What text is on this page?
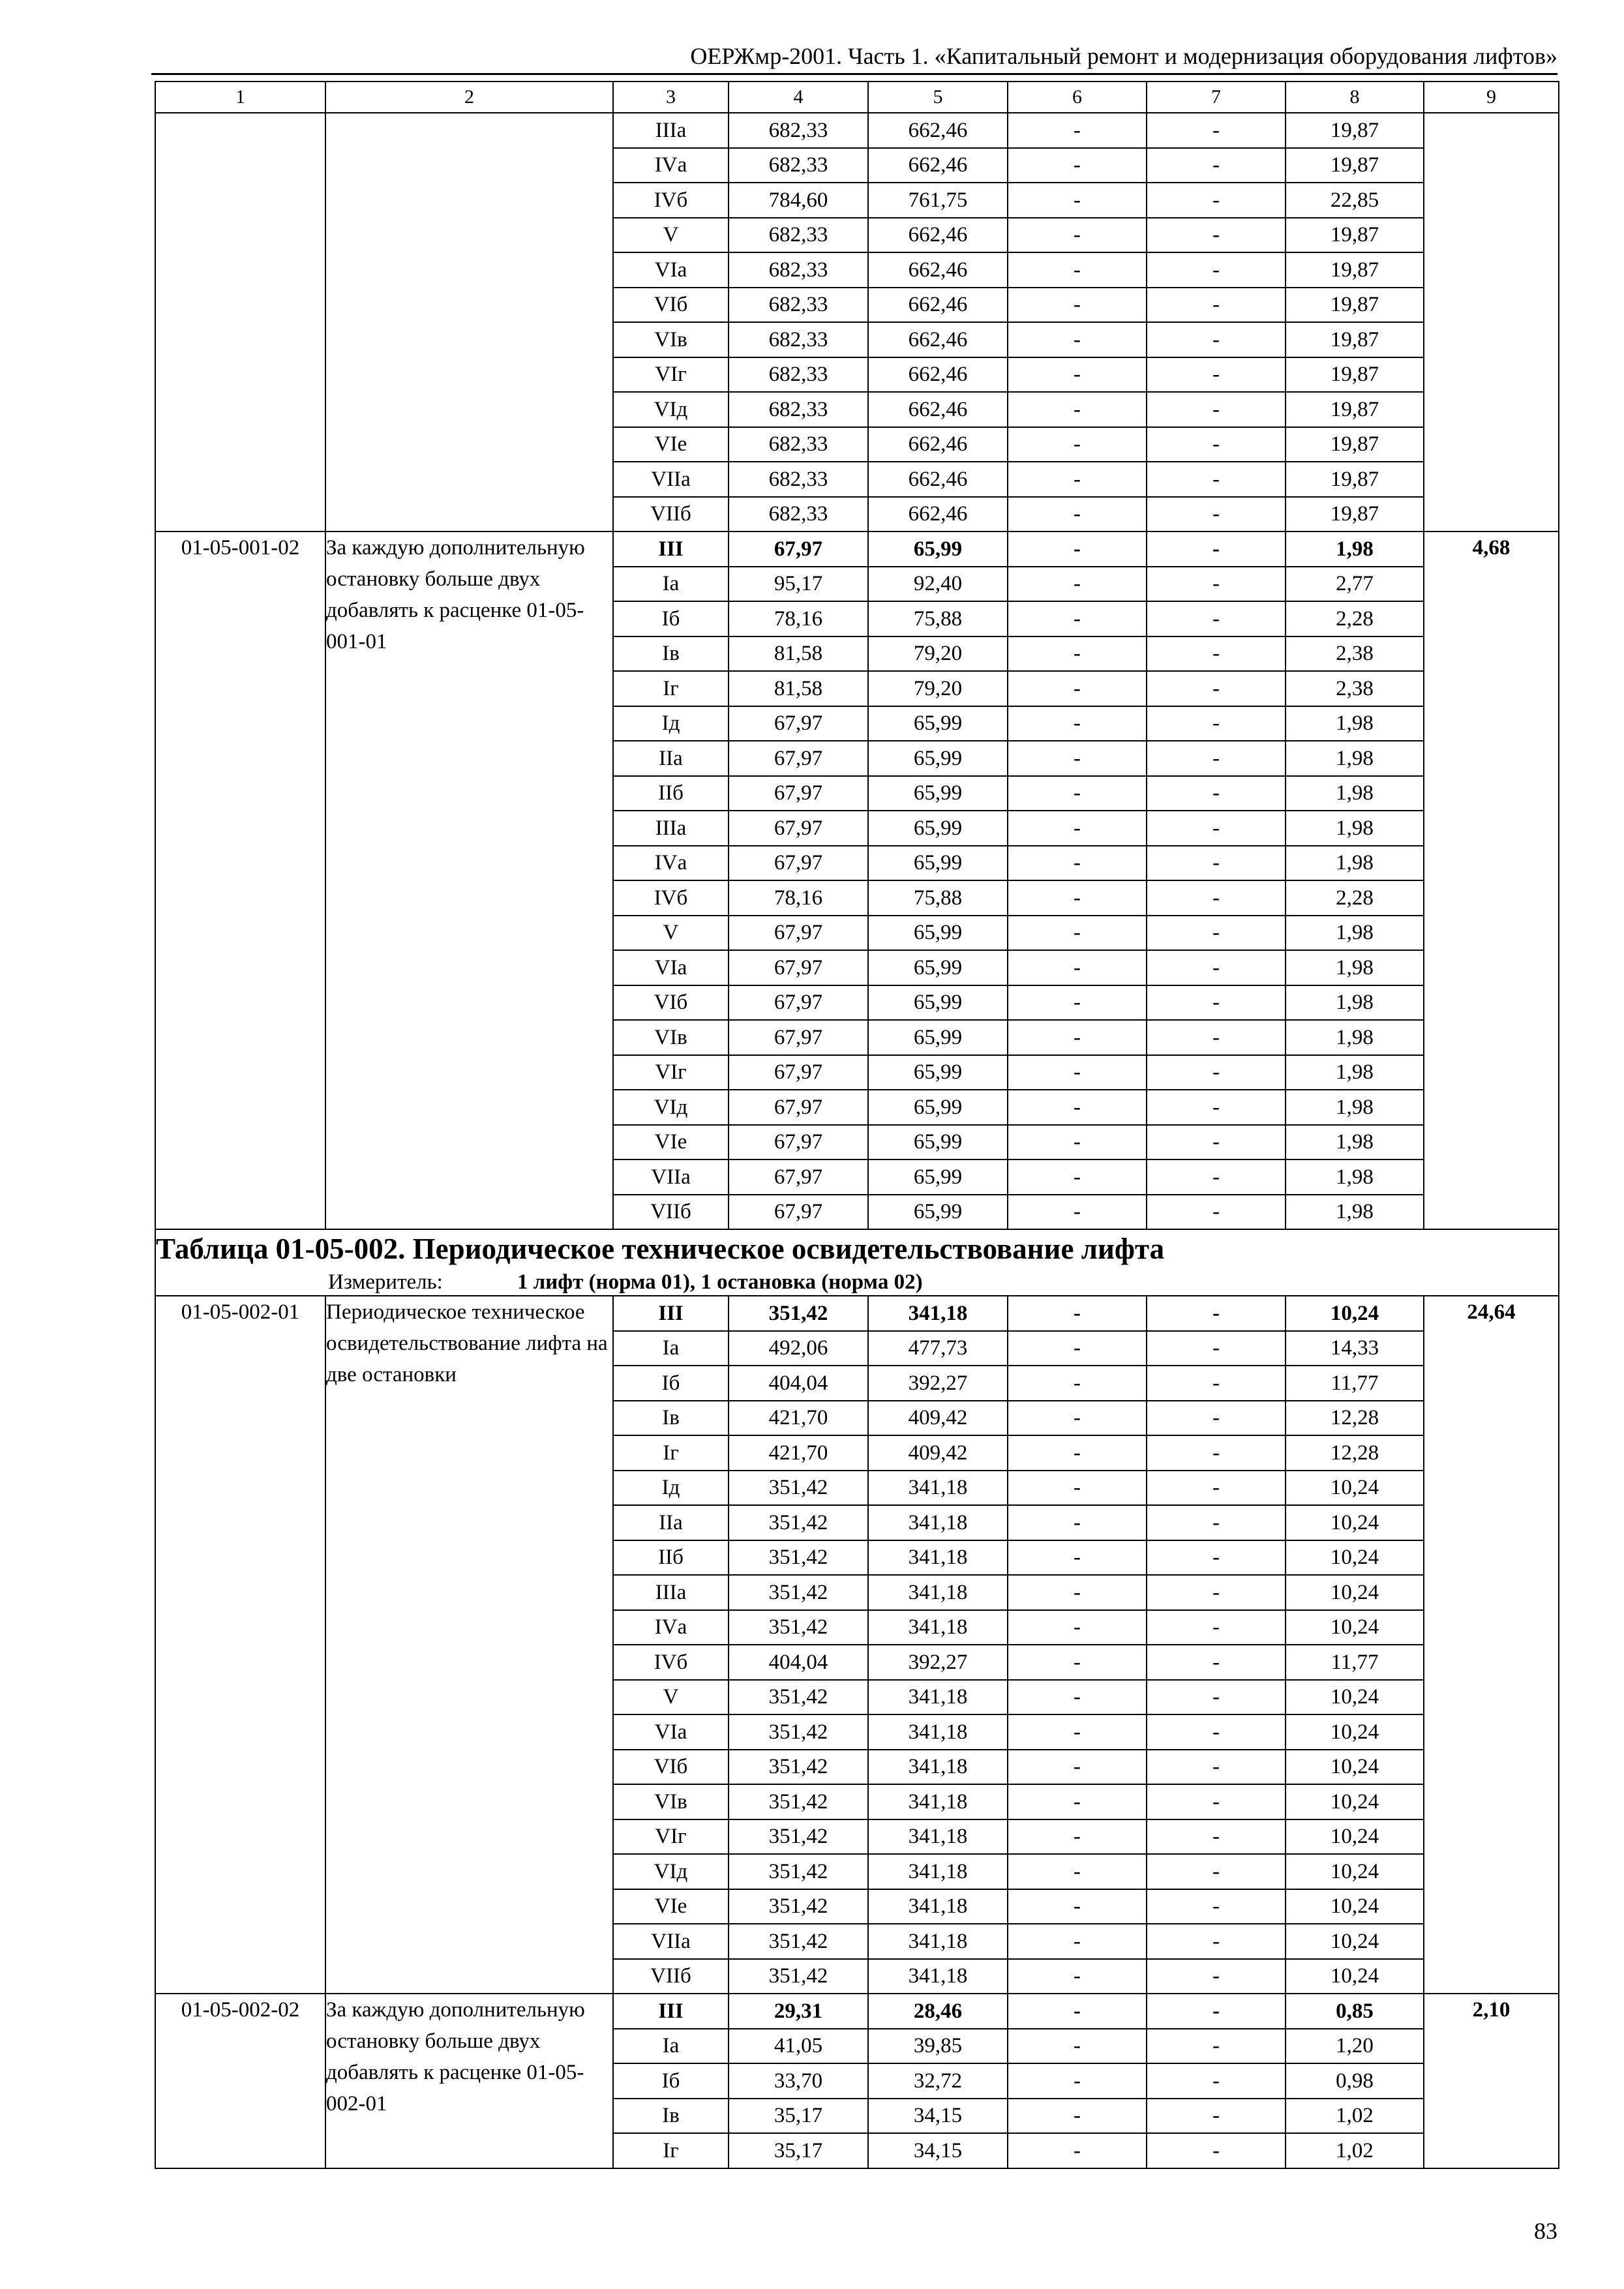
ОЕРЖмр-2001. Часть 1. «Капитальный ремонт и модернизация оборудования лифтов»
1	2	3	4	5	6	7	8	9
		IIIа	682,33	662,46	-	-	19,87	
		IVа	682,33	662,46	-	-	19,87	
		IVб	784,60	761,75	-	-	22,85	
		V	682,33	662,46	-	-	19,87	
		VIа	682,33	662,46	-	-	19,87	
		VIб	682,33	662,46	-	-	19,87	
		VIв	682,33	662,46	-	-	19,87	
		VIг	682,33	662,46	-	-	19,87	
		VIд	682,33	662,46	-	-	19,87	
		VIе	682,33	662,46	-	-	19,87	
		VIIа	682,33	662,46	-	-	19,87	
		VIIб	682,33	662,46	-	-	19,87	
01-05-001-02	За каждую дополнительную остановку больше двух добавлять к расценке 01-05-001-01	III	67,97	65,99	-	-	1,98	4,68
		Iа	95,17	92,40	-	-	2,77	
		Iб	78,16	75,88	-	-	2,28	
		Iв	81,58	79,20	-	-	2,38	
		Iг	81,58	79,20	-	-	2,38	
		Iд	67,97	65,99	-	-	1,98	
		IIа	67,97	65,99	-	-	1,98	
		IIб	67,97	65,99	-	-	1,98	
		IIIа	67,97	65,99	-	-	1,98	
		IVа	67,97	65,99	-	-	1,98	
		IVб	78,16	75,88	-	-	2,28	
		V	67,97	65,99	-	-	1,98	
		VIа	67,97	65,99	-	-	1,98	
		VIб	67,97	65,99	-	-	1,98	
		VIв	67,97	65,99	-	-	1,98	
		VIг	67,97	65,99	-	-	1,98	
		VIд	67,97	65,99	-	-	1,98	
		VIе	67,97	65,99	-	-	1,98	
		VIIа	67,97	65,99	-	-	1,98	
		VIIб	67,97	65,99	-	-	1,98	

Таблица 01-05-002. Периодическое техническое освидетельствование лифта
Измеритель: 1 лифт (норма 01), 1 остановка (норма 02)								

01-05-002-01	Периодическое техническое освидетельствование лифта на две остановки	III	351,42	341,18	-	-	10,24	24,64
		Iа	492,06	477,73	-	-	14,33	
		Iб	404,04	392,27	-	-	11,77	
		Iв	421,70	409,42	-	-	12,28	
		Iг	421,70	409,42	-	-	12,28	
		Iд	351,42	341,18	-	-	10,24	
		IIа	351,42	341,18	-	-	10,24	
		IIб	351,42	341,18	-	-	10,24	
		IIIа	351,42	341,18	-	-	10,24	
		IVа	351,42	341,18	-	-	10,24	
		IVб	404,04	392,27	-	-	11,77	
		V	351,42	341,18	-	-	10,24	
		VIа	351,42	341,18	-	-	10,24	
		VIб	351,42	341,18	-	-	10,24	
		VIв	351,42	341,18	-	-	10,24	
		VIг	351,42	341,18	-	-	10,24	
		VIд	351,42	341,18	-	-	10,24	
		VIе	351,42	341,18	-	-	10,24	
		VIIа	351,42	341,18	-	-	10,24	
		VIIб	351,42	341,18	-	-	10,24	
01-05-002-02	За каждую дополнительную остановку больше двух добавлять к расценке 01-05-002-01	III	29,31	28,46	-	-	0,85	2,10
		Iа	41,05	39,85	-	-	1,20	
		Iб	33,70	32,72	-	-	0,98	
		Iв	35,17	34,15	-	-	1,02	
		Iг	35,17	34,15	-	-	1,02	
83
